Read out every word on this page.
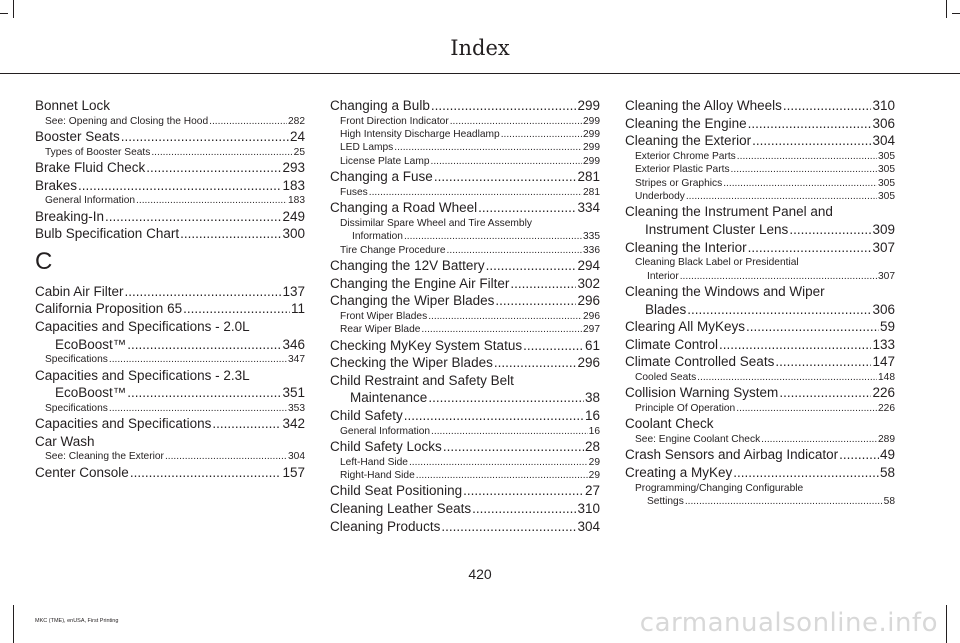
Index
Bonnet Lock
See: Opening and Closing the Hood .....	282
Booster Seats .....	24
Types of Booster Seats .....	25
Brake Fluid Check .....	293
Brakes .....	183
General Information .....	183
Breaking-In .....	249
Bulb Specification Chart .....	300
C
Cabin Air Filter .....	137
California Proposition 65 .....	11
Capacities and Specifications - 2.0L
EcoBoost™ .....	346
Specifications .....	347
Capacities and Specifications - 2.3L
EcoBoost™ .....	351
Specifications .....	353
Capacities and Specifications .....	342
Car Wash
See: Cleaning the Exterior .....	304
Center Console .....	157
Changing a Bulb .....	299
Front Direction Indicator .....	299
High Intensity Discharge Headlamp .....	299
LED Lamps .....	299
License Plate Lamp .....	299
Changing a Fuse .....	281
Fuses .....	281
Changing a Road Wheel .....	334
Dissimilar Spare Wheel and Tire Assembly
Information .....	335
Tire Change Procedure .....	336
Changing the 12V Battery .....	294
Changing the Engine Air Filter .....	302
Changing the Wiper Blades .....	296
Front Wiper Blades .....	296
Rear Wiper Blade .....	297
Checking MyKey System Status .....	61
Checking the Wiper Blades .....	296
Child Restraint and Safety Belt
Maintenance .....	38
Child Safety .....	16
General Information .....	16
Child Safety Locks .....	28
Left-Hand Side .....	29
Right-Hand Side .....	29
Child Seat Positioning .....	27
Cleaning Leather Seats .....	310
Cleaning Products .....	304
Cleaning the Alloy Wheels .....	310
Cleaning the Engine .....	306
Cleaning the Exterior .....	304
Exterior Chrome Parts .....	305
Exterior Plastic Parts .....	305
Stripes or Graphics .....	305
Underbody .....	305
Cleaning the Instrument Panel and
Instrument Cluster Lens .....	309
Cleaning the Interior .....	307
Cleaning Black Label or Presidential
Interior .....	307
Cleaning the Windows and Wiper
Blades .....	306
Clearing All MyKeys .....	59
Climate Control .....	133
Climate Controlled Seats .....	147
Cooled Seats .....	148
Collision Warning System .....	226
Principle Of Operation .....	226
Coolant Check
See: Engine Coolant Check .....	289
Crash Sensors and Airbag Indicator .....	49
Creating a MyKey .....	58
Programming/Changing Configurable
Settings .....	58
420
MKC (TME), enUSA, First Printing	carmanualsonline.info
